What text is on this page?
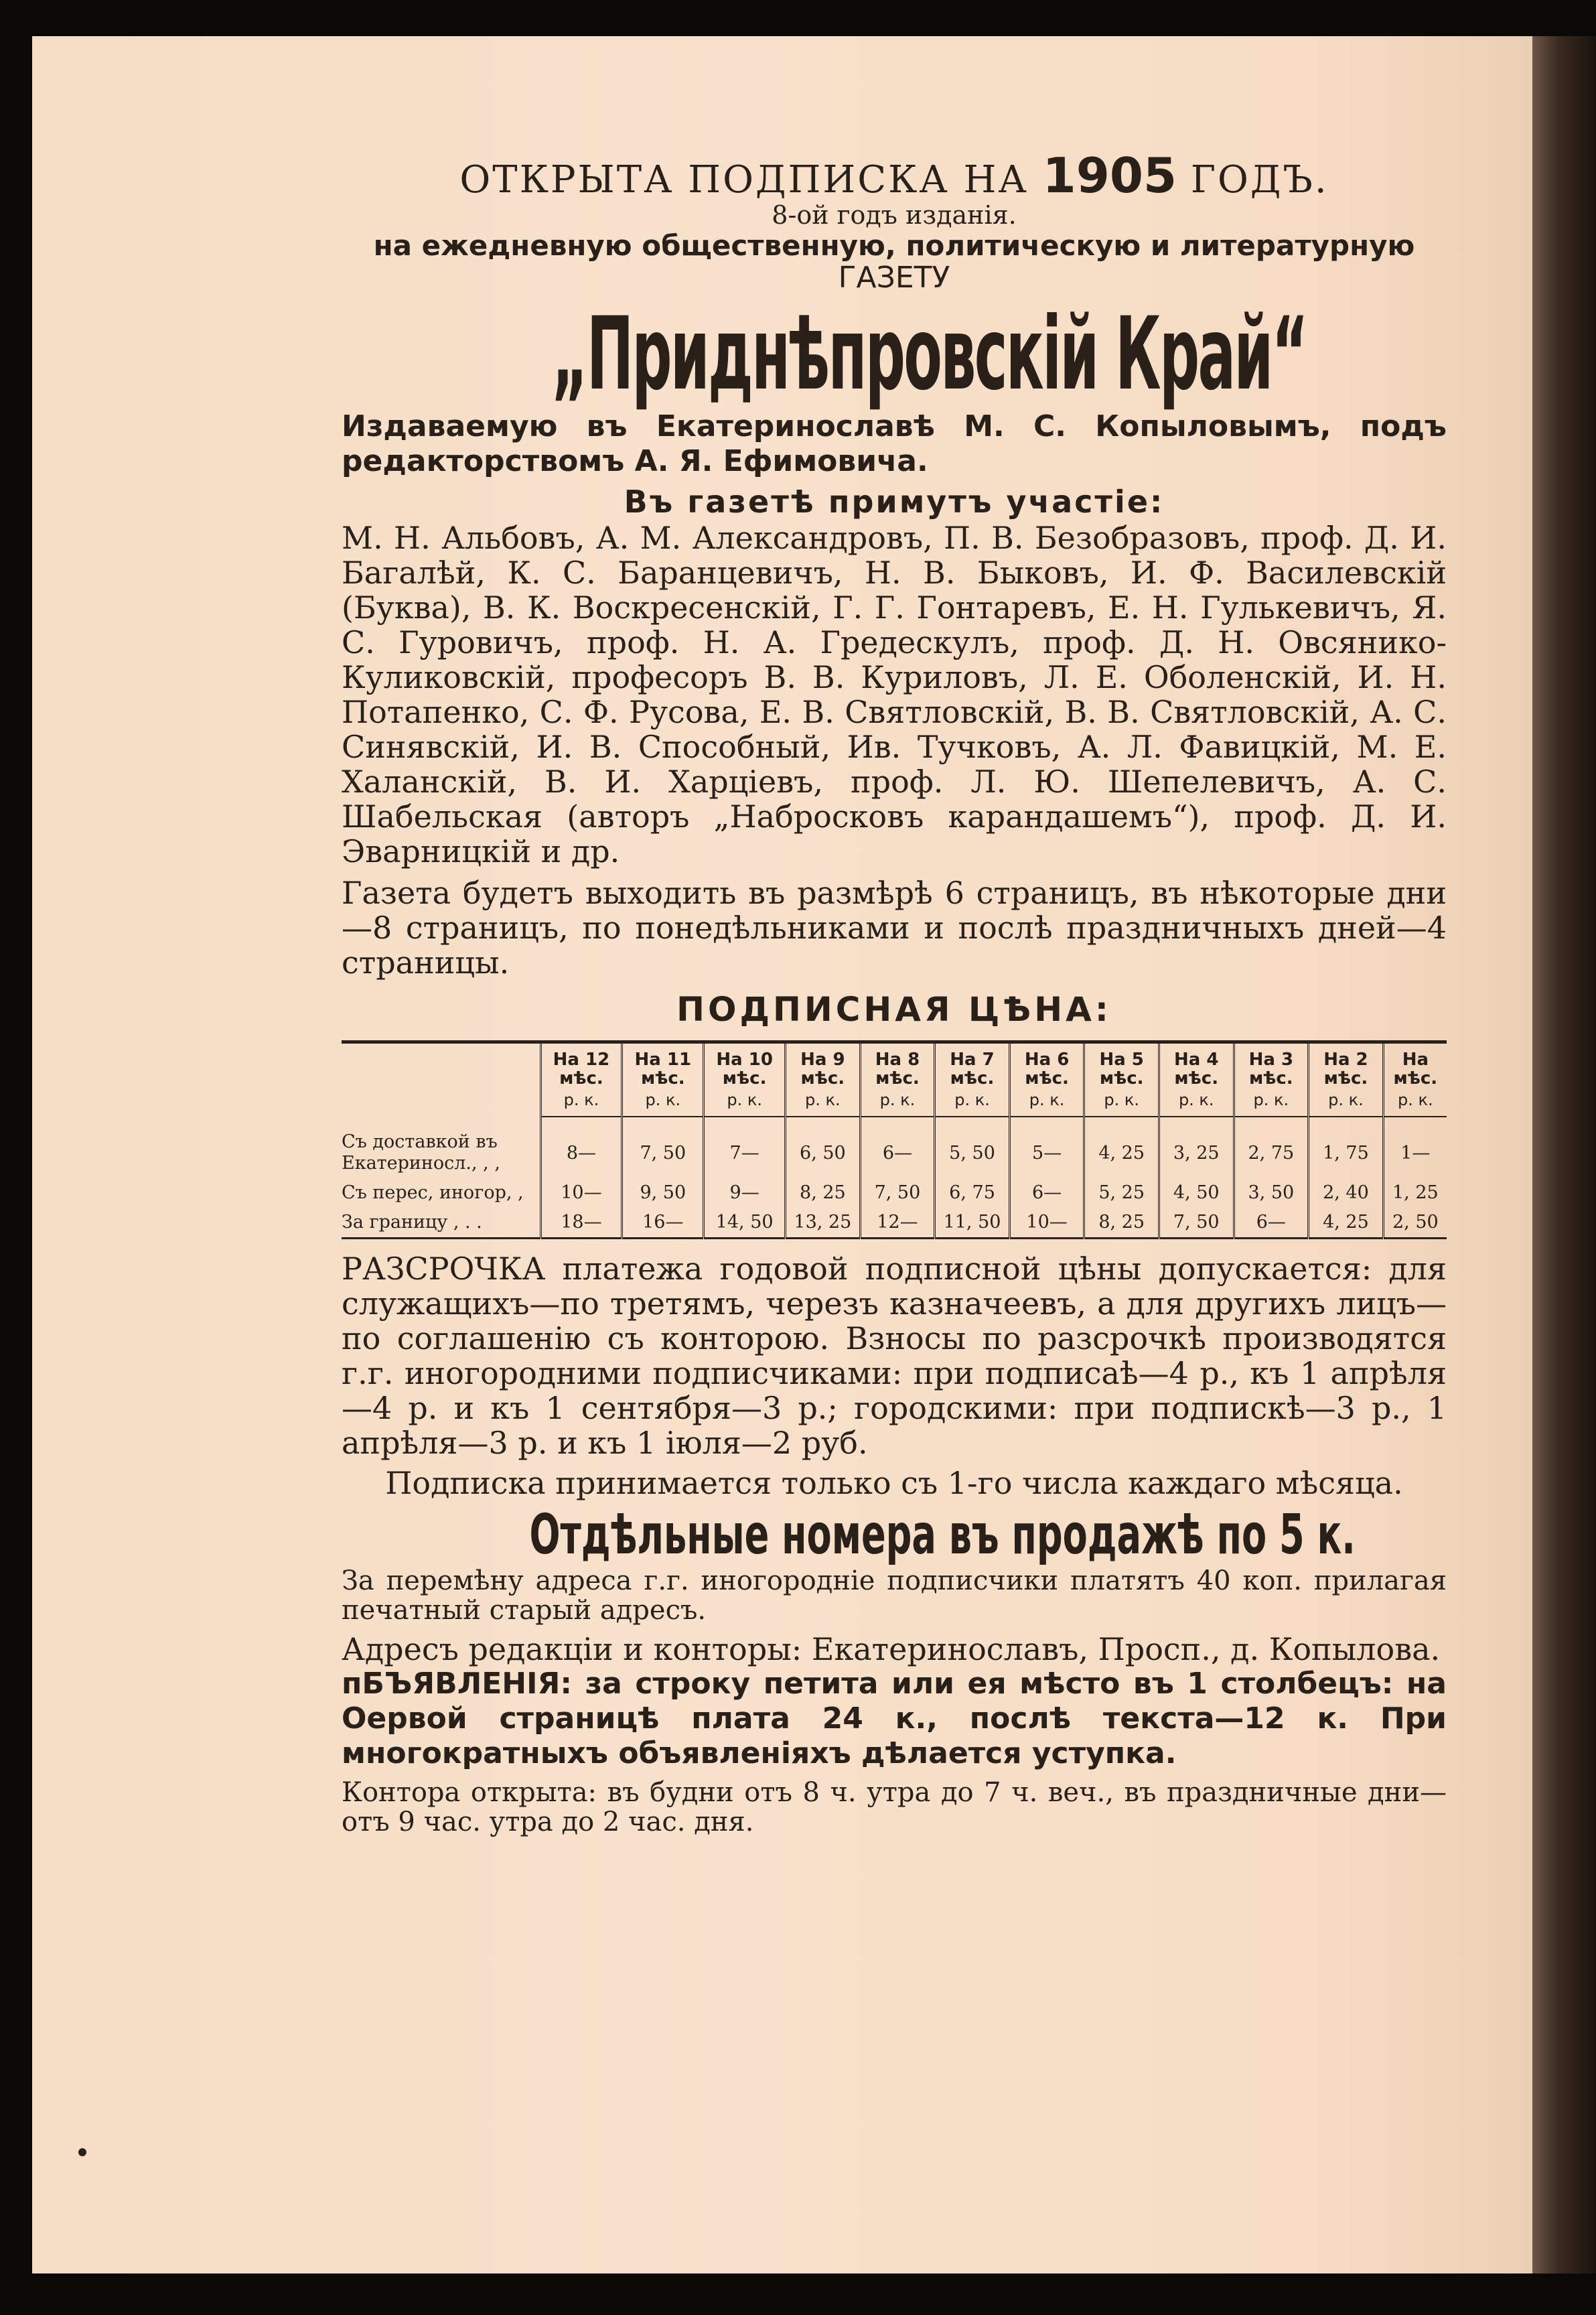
ОТКРЫТА ПОДПИСКА НА 1905 ГОДЪ.
8-ой годъ изданія.
на ежедневную общественную, политическую и литературную
ГАЗЕТУ
„Приднѣпровскій Край“
Издаваемую въ Екатеринославѣ М. С. Копыловымъ, подъ редакторствомъ А. Я. Ефимовича.
Въ газетѣ примутъ участіе:
М. Н. Альбовъ, А. М. Александровъ, П. В. Безобразовъ, проф. Д. И. Багалѣй, К. С. Баранцевичъ, Н. В. Быковъ, И. Ф. Василевскій (Буква), В. К. Воскресенскій, Г. Г. Гонтаревъ, Е. Н. Гулькевичъ, Я. С. Гуровичъ, проф. Н. А. Гредескулъ, проф. Д. Н. Овсянико-Куликовскій, професоръ В. В. Куриловъ, Л. Е. Оболенскій, И. Н. Потапенко, С. Ф. Русова, Е. В. Святловскій, В. В. Святловскій, А. С. Синявскій, И. В. Способный, Ив. Тучковъ, А. Л. Фавицкій, М. Е. Халанскій, В. И. Харцiевъ, проф. Л. Ю. Шепелевичъ, А. С. Шабельская (авторъ „Набросковъ карандашемъ“), проф. Д. И. Эварницкій и др.
Газета будетъ выходить въ размѣрѣ 6 страницъ, въ нѣкоторые дни—8 страницъ, по понедѣльниками и послѣ праздничныхъ дней—4 страницы.
ПОДПИСНАЯ ЦѢНА:
	На 12 мѣс.	На 11 мѣс.	На 10 мѣс.	На 9 мѣс.	На 8 мѣс.	На 7 мѣс.	На 6 мѣс.	На 5 мѣс.	На 4 мѣс.	На 3 мѣс.	На 2 мѣс.	На мѣс.
	р. к.	р. к.	р. к.	р. к.	р. к.	р. к.	р. к.	р. к.	р. к.	р. к.	р. к.	р. к.
Съ доставкой въ Екатериносл., , ,	8—	7, 50	7—	6, 50	6—	5, 50	5—	4, 25	3, 25	2, 75	1, 75	1—
Съ перес, иногор, ,	10—	9, 50	9—	8, 25	7, 50	6, 75	6—	5, 25	4, 50	3, 50	2, 40	1, 25
За границу , . .	18—	16—	14, 50	13, 25	12—	11, 50	10—	8, 25	7, 50	6—	4, 25	2, 50
РАЗСРОЧКА платежа годовой подписной цѣны допускается: для служащихъ—по третямъ, черезъ казначеевъ, а для другихъ лицъ—по соглашенію съ конторою. Взносы по разсрочкѣ производятся г.г. иногородними подписчиками: при подписаѣ—4 р., къ 1 апрѣля—4 р. и къ 1 сентября—3 р.; городскими: при подпискѣ—3 р., 1 апрѣля—3 р. и къ 1 іюля—2 руб.
Подписка принимается только съ 1-го числа каждаго мѣсяца.
Отдѣльные номера въ продажѣ по 5 к.
За перемѣну адреса г.г. иногородніе подписчики платятъ 40 коп. прилагая печатный старый адресъ.
Адресъ редакціи и конторы: Екатеринославъ, Просп., д. Копылова.
пБЪЯВЛЕНІЯ: за строку петита или ея мѣсто въ 1 столбецъ: на Оервой страницѣ плата 24 к., послѣ текста—12 к. При многократныхъ объявленіяхъ дѣлается уступка.
Контора открыта: въ будни отъ 8 ч. утра до 7 ч. веч., въ праздничные дни—отъ 9 час. утра до 2 час. дня.
